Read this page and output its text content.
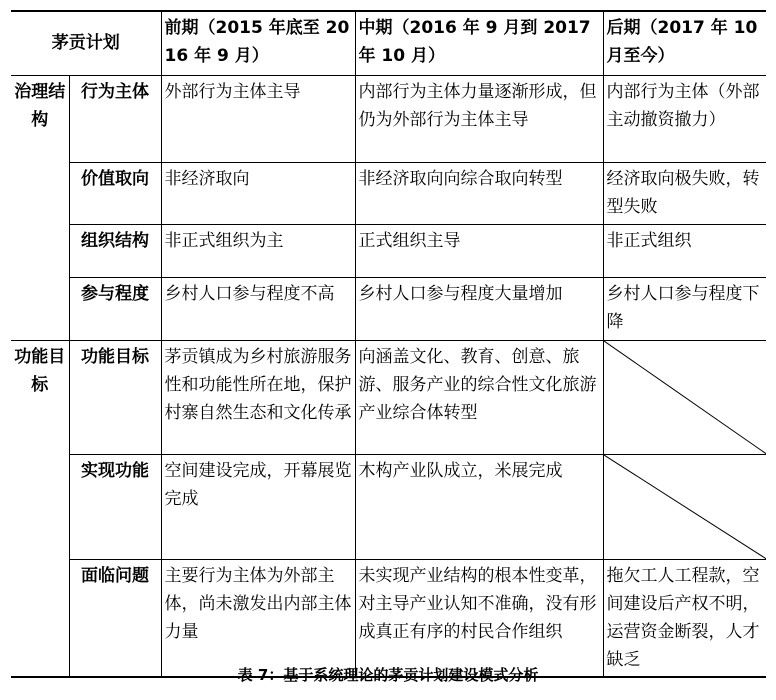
茅贡计划		前期（2015 年底至 2016 年 9 月）	中期（2016 年 9 月到 2017 年 10 月）	后期（2017 年 10 月至今）
治理结构	行为主体	外部行为主体主导	内部行为主体力量逐渐形成，但仍为外部行为主体主导	内部行为主体（外部主动撤资撤力）
	价值取向	非经济取向	非经济取向向综合取向转型	经济取向极失败，转型失败
	组织结构	非正式组织为主	正式组织主导	非正式组织
	参与程度	乡村人口参与程度不高	乡村人口参与程度大量增加	乡村人口参与程度下降
功能目标	功能目标	茅贡镇成为乡村旅游服务性和功能性所在地，保护村寨自然生态和文化传承	向涵盖文化、教育、创意、旅游、服务产业的综合性文化旅游产业综合体转型	

	实现功能	空间建设完成，开幕展览完成	木构产业队成立，米展完成	

	面临问题	主要行为主体为外部主体，尚未激发出内部主体力量	未实现产业结构的根本性变革，对主导产业认知不准确，没有形成真正有序的村民合作组织	拖欠工人工程款，空间建设后产权不明，运营资金断裂，人才缺乏
表 7：基于系统理论的茅贡计划建设模式分析
